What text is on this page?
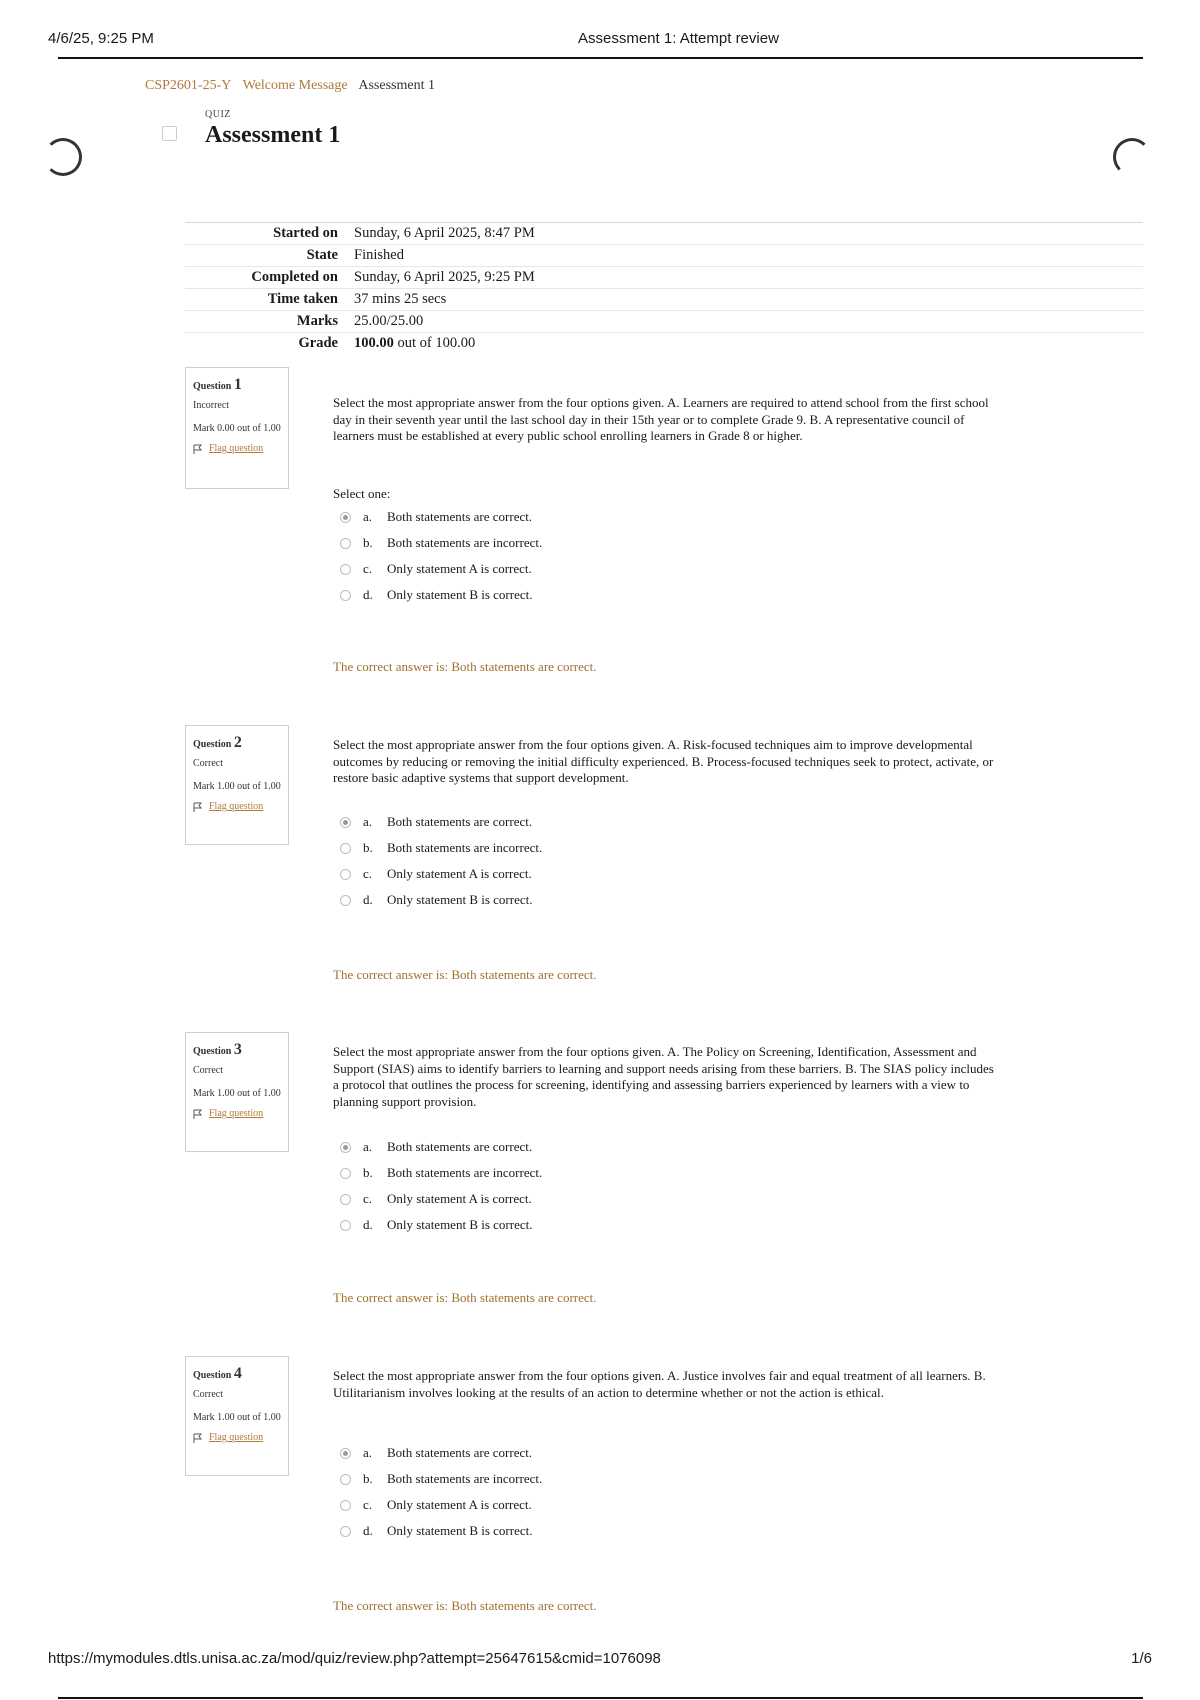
4/6/25, 9:25 PM	Assessment 1: Attempt review
CSP2601-25-Y Welcome Message Assessment 1
QUIZ
Assessment 1
Started on	Sunday, 6 April 2025, 8:47 PM
State	Finished
Completed on	Sunday, 6 April 2025, 9:25 PM
Time taken	37 mins 25 secs
Marks	25.00/25.00
Grade	100.00 out of 100.00
Question 1
Incorrect
Mark 0.00 out of 1.00
Flag question
Select the most appropriate answer from the four options given. A. Learners are required to attend school from the first school day in their seventh year until the last school day in their 15th year or to complete Grade 9. B. A representative council of learners must be established at every public school enrolling learners in Grade 8 or higher.
Select one:
a.	Both statements are correct.
b.	Both statements are incorrect.
c.	Only statement A is correct.
d.	Only statement B is correct.
The correct answer is: Both statements are correct.
Question 2
Correct
Mark 1.00 out of 1.00
Flag question
Select the most appropriate answer from the four options given. A. Risk-focused techniques aim to improve developmental outcomes by reducing or removing the initial difficulty experienced. B. Process-focused techniques seek to protect, activate, or restore basic adaptive systems that support development.
a.	Both statements are correct.
b.	Both statements are incorrect.
c.	Only statement A is correct.
d.	Only statement B is correct.
The correct answer is: Both statements are correct.
Question 3
Correct
Mark 1.00 out of 1.00
Flag question
Select the most appropriate answer from the four options given. A. The Policy on Screening, Identification, Assessment and Support (SIAS) aims to identify barriers to learning and support needs arising from these barriers. B. The SIAS policy includes a protocol that outlines the process for screening, identifying and assessing barriers experienced by learners with a view to planning support provision.
a.	Both statements are correct.
b.	Both statements are incorrect.
c.	Only statement A is correct.
d.	Only statement B is correct.
The correct answer is: Both statements are correct.
Question 4
Correct
Mark 1.00 out of 1.00
Flag question
Select the most appropriate answer from the four options given. A. Justice involves fair and equal treatment of all learners. B. Utilitarianism involves looking at the results of an action to determine whether or not the action is ethical.
a.	Both statements are correct.
b.	Both statements are incorrect.
c.	Only statement A is correct.
d.	Only statement B is correct.
The correct answer is: Both statements are correct.
https://mymodules.dtls.unisa.ac.za/mod/quiz/review.php?attempt=25647615&cmid=1076098	1/6
